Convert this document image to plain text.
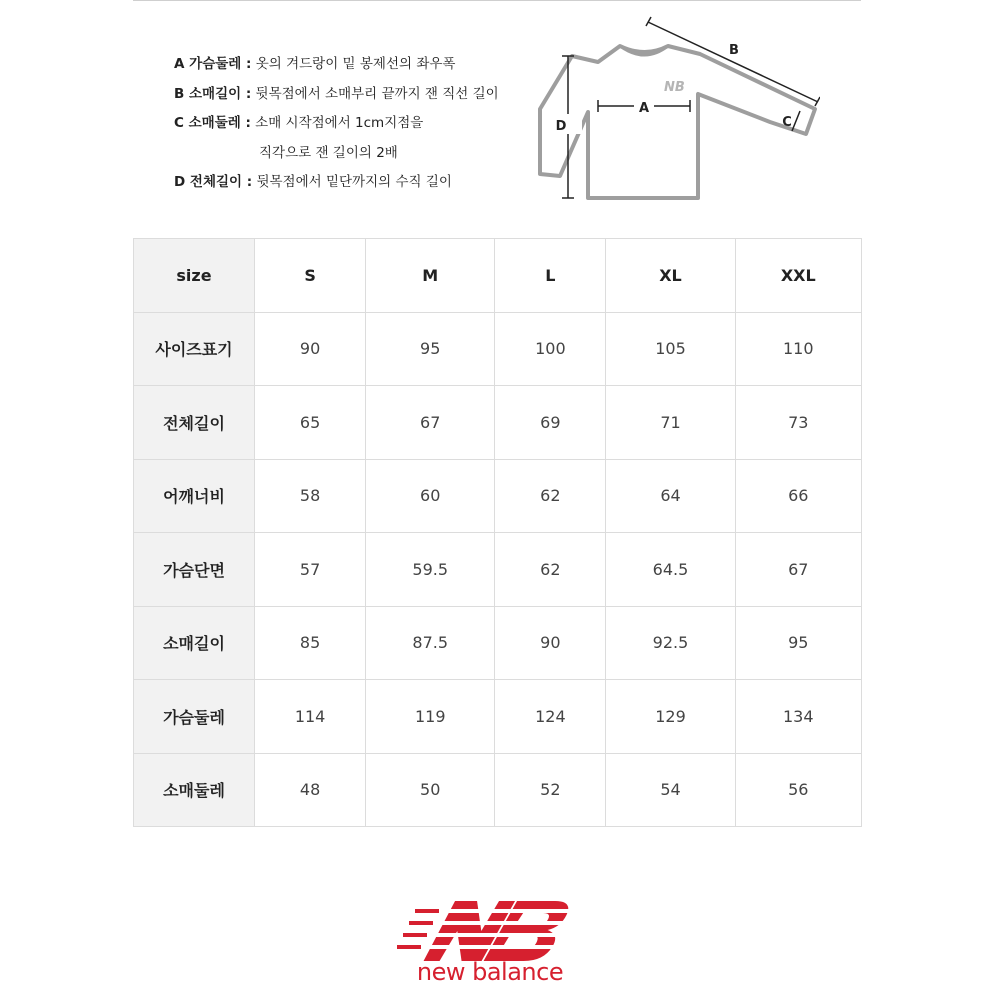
A 가슴둘레 : 옷의 겨드랑이 밑 봉제선의 좌우폭
B 소매길이 : 뒷목점에서 소매부리 끝까지 잰 직선 길이
C 소매둘레 : 소매 시작점에서 1cm지점을
직각으로 잰 길이의 2배
D 전체길이 : 뒷목점에서 밑단까지의 수직 길이
NB
A
B
C
D
size	S	M	L	XL	XXL
사이즈표기	90	95	100	105	110
전체길이	65	67	69	71	73
어깨너비	58	60	62	64	66
가슴단면	57	59.5	62	64.5	67
소매길이	85	87.5	90	92.5	95
가슴둘레	114	119	124	129	134
소매둘레	48	50	52	54	56
new balance
